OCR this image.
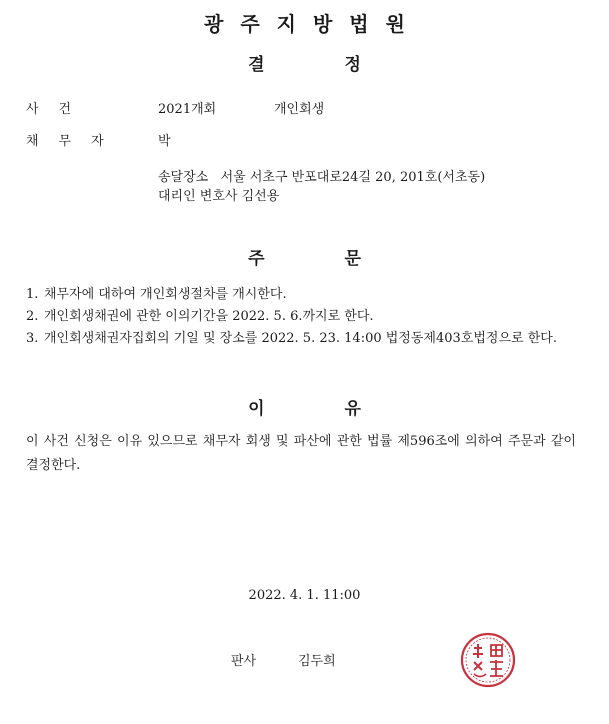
광주지방법원
결정
사건	2021개회	개인회생
채무자	박
송달장소   서울 서초구 반포대로24길 20, 201호(서초동)
대리인 변호사 김선용
주문
1. 채무자에 대하여 개인회생절차를 개시한다.
2. 개인회생채권에 관한 이의기간을 2022. 5. 6.까지로 한다.
3. 개인회생채권자집회의 기일 및 장소를 2022. 5. 23. 14:00 법정동제403호법정으로 한다.
이유
이 사건 신청은 이유 있으므로 채무자 회생 및 파산에 관한 법률 제596조에 의하여 주문과 같이 결정한다.
2022. 4. 1. 11:00
판사	김두희
